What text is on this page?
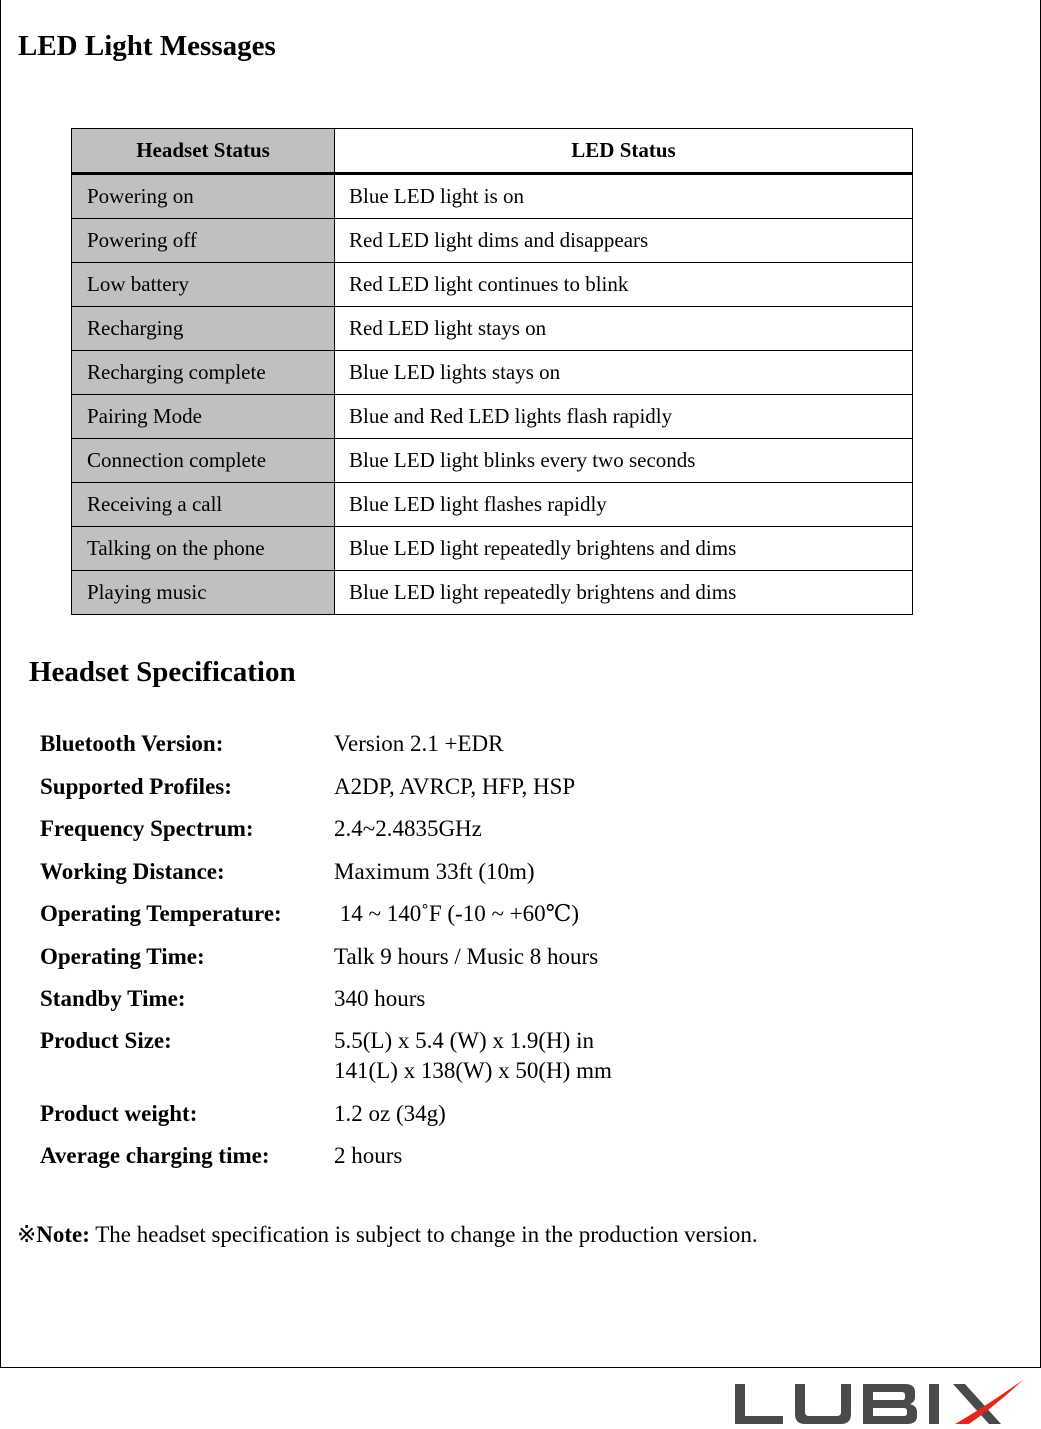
LED Light Messages
Headset Status	LED Status
Powering on	Blue LED light is on
Powering off	Red LED light dims and disappears
Low battery	Red LED light continues to blink
Recharging	Red LED light stays on
Recharging complete	Blue LED lights stays on
Pairing Mode	Blue and Red LED lights flash rapidly
Connection complete	Blue LED light blinks every two seconds
Receiving a call	Blue LED light flashes rapidly
Talking on the phone	Blue LED light repeatedly brightens and dims
Playing music	Blue LED light repeatedly brightens and dims
Headset Specification
Bluetooth Version:	Version 2.1 +EDR
Supported Profiles:	A2DP, AVRCP, HFP, HSP
Frequency Spectrum:	2.4~2.4835GHz
Working Distance:	Maximum 33ft (10m)
Operating Temperature: 14 ~ 140˚F (-10 ~ +60℃)
Operating Time:	Talk 9 hours / Music 8 hours
Standby Time:	340 hours
Product Size:	5.5(L) x 5.4 (W) x 1.9(H) in
141(L) x 138(W) x 50(H) mm
Product weight:	1.2 oz (34g)
Average charging time:	2 hours
※Note: The headset specification is subject to change in the production version.
